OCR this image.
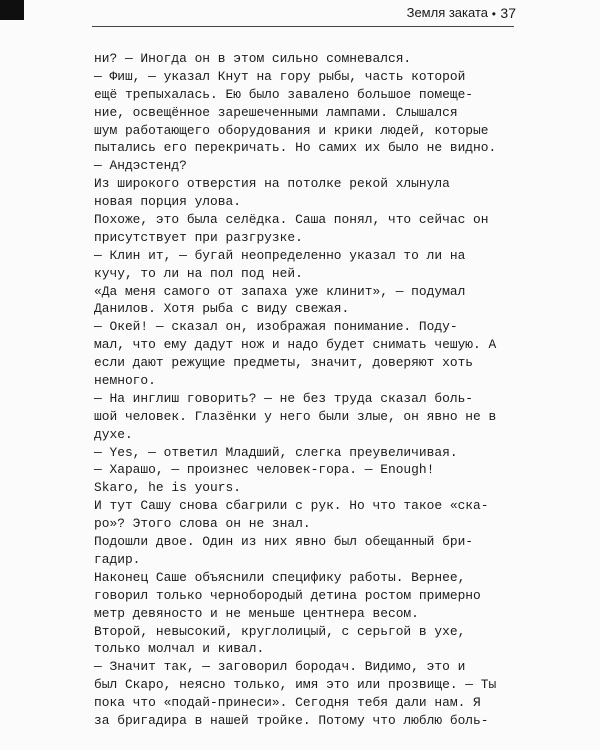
Земля заката • 37
ни? — Иногда он в этом сильно сомневался.
— Фиш, — указал Кнут на гору рыбы, часть которой
ещё трепыхалась. Ею было завалено большое помеще-
ние, освещённое зарешеченными лампами. Слышался
шум работающего оборудования и крики людей, которые
пытались его перекричать. Но самих их было не видно.
— Андэстенд?
Из широкого отверстия на потолке рекой хлынула
новая порция улова.
Похоже, это была селёдка. Саша понял, что сейчас он
присутствует при разгрузке.
— Клин ит, — бугай неопределенно указал то ли на
кучу, то ли на пол под ней.
«Да меня самого от запаха уже клинит», — подумал
Данилов. Хотя рыба с виду свежая.
— Окей! — сказал он, изображая понимание. Поду-
мал, что ему дадут нож и надо будет снимать чешую. А
если дают режущие предметы, значит, доверяют хоть
немного.
— На инглиш говорить? — не без труда сказал боль-
шой человек. Глазёнки у него были злые, он явно не в
духе.
— Yes, — ответил Младший, слегка преувеличивая.
— Харашо, — произнес человек-гора. — Enough!
Skaro, he is yours.
И тут Сашу снова сбагрили с рук. Но что такое «ска-
ро»? Этого слова он не знал.
Подошли двое. Один из них явно был обещанный бри-
гадир.
Наконец Саше объяснили специфику работы. Вернее,
говорил только чернобородый детина ростом примерно
метр девяносто и не меньше центнера весом.
Второй, невысокий, круглолицый, с серьгой в ухе,
только молчал и кивал.
— Значит так, — заговорил бородач. Видимо, это и
был Скаро, неясно только, имя это или прозвище. — Ты
пока что «подай-принеси». Сегодня тебя дали нам. Я
за бригадира в нашей тройке. Потому что люблю боль-
